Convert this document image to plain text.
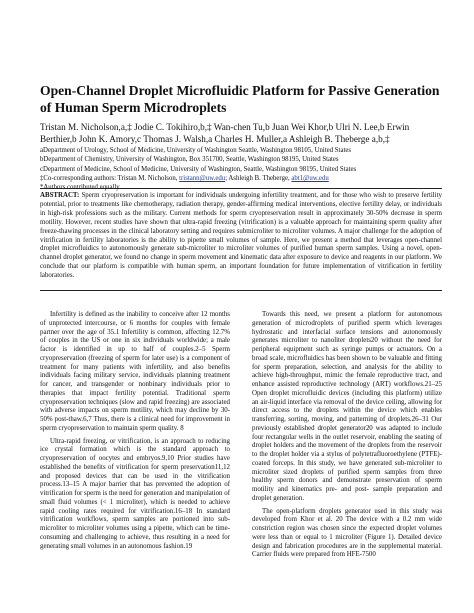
Open-Channel Droplet Microfluidic Platform for Passive Generation
of Human Sperm Microdroplets
Tristan M. Nicholson,a,‡ Jodie C. Tokihiro,b,‡ Wan-chen Tu,b Juan Wei Khor,b Ulri N. Lee,b Erwin
Berthier,b John K. Amory,c Thomas J. Walsh,a Charles H. Muller,a Ashleigh B. Theberge a,b,‡
aDepartment of Urology, School of Medicine, University of Washington Seattle, Washington 98105, United States
bDepartment of Chemistry, University of Washington, Box 351700, Seattle, Washington 98195, United States
cDepartment of Medicine, School of Medicine, University of Washington, Seattle, Washington 98195, United States
‡Co-corresponding authors: Tristan M. Nicholson, tristann@uw.edu; Ashleigh B. Theberge, abt1@uw.edu
*Authors contributed equally

ABSTRACT: Sperm cryopreservation is important for individuals undergoing infertility treatment, and for those who wish to preserve fertility potential, prior to treatments like chemotherapy, radiation therapy, gender-affirming medical interventions, elective fertility delay, or individuals in high-risk professions such as the military. Current methods for sperm cryopreservation result in approximately 30-50% decrease in sperm motility. However, recent studies have shown that ultra-rapid freezing (vitrification) is a valuable approach for maintaining sperm quality after freeze-thawing processes in the clinical laboratory setting and requires submicroliter to microliter volumes. A major challenge for the adoption of vitrification in fertility laboratories is the ability to pipette small volumes of sample. Here, we present a method that leverages open-channel droplet microfluidics to autonomously generate sub-microliter to microliter volumes of purified human sperm samples. Using a novel, open-channel droplet generator, we found no change in sperm movement and kinematic data after exposure to device and reagents in our platform. We conclude that our platform is compatible with human sperm, an important foundation for future implementation of vitrification in fertility laboratories.

Infertility is defined as the inability to conceive after 12 months of unprotected intercourse, or 6 months for couples with female partner over the age of 35.1 Infertility is common, affecting 12.7% of couples in the US or one in six individuals worldwide; a male factor is identified in up to half of couples.2–5 Sperm cryopreservation (freezing of sperm for later use) is a component of treatment for many patients with infertility, and also benefits individuals facing military service, individuals planning treatment for cancer, and transgender or nonbinary individuals prior to therapies that impact fertility potential. Traditional sperm cryopreservation techniques (slow and rapid freezing) are associated with adverse impacts on sperm motility, which may decline by 30-50% post-thaw.6,7 Thus, there is a clinical need for improvement in sperm cryopreservation to maintain sperm quality. 8

Ultra-rapid freezing, or vitrification, is an approach to reducing ice crystal formation which is the standard approach to cryopreservation of oocytes and embryos.9,10 Prior studies have established the benefits of vitrification for sperm preservation11,12 and proposed devices that can be used in the vitrification process.13–15 A major barrier that has prevented the adoption of vitrification for sperm is the need for generation and manipulation of small fluid volumes (< 1 microliter), which is needed to achieve rapid cooling rates required for vitrification.16–18 In standard vitrification workflows, sperm samples are portioned into sub-microliter to microliter volumes using a pipette, which can be time-consuming and challenging to achieve, thus resulting in a need for generating small volumes in an autonomous fashion.19

Towards this need, we present a platform for autonomous generation of microdroplets of purified sperm which leverages hydrostatic and interfacial surface tensions and autonomously generates microliter to nanoliter droplets20 without the need for peripheral equipment such as syringe pumps or actuators. On a broad scale, microfluidics has been shown to be valuable and fitting for sperm preparation, selection, and analysis for the ability to achieve high-throughput, mimic the female reproductive tract, and enhance assisted reproductive technology (ART) workflows.21–25 Open droplet microfluidic devices (including this platform) utilize an air-liquid interface via removal of the device ceiling, allowing for direct access to the droplets within the device which enables transferring, sorting, moving, and patterning of droplets.26–31 Our previously established droplet generator20 was adapted to include four rectangular wells in the outlet reservoir, enabling the seating of droplet holders and the movement of the droplets from the reservoir to the droplet holder via a stylus of polytetrafluoroethylene (PTFE)-coated forceps. In this study, we have generated sub-microliter to microliter sized droplets of purified sperm samples from three healthy sperm donors and demonstrate preservation of sperm motility and kinematics pre- and post- sample preparation and droplet generation.

The open-platform droplets generator used in this study was developed from Khor et al. 20 The device with a 0.2 mm wide constriction region was chosen since the expected droplet volumes were less than or equal to 1 microliter (Figure 1). Detailed device design and fabrication procedures are in the supplemental material. Carrier fluids were prepared from HFE-7500
